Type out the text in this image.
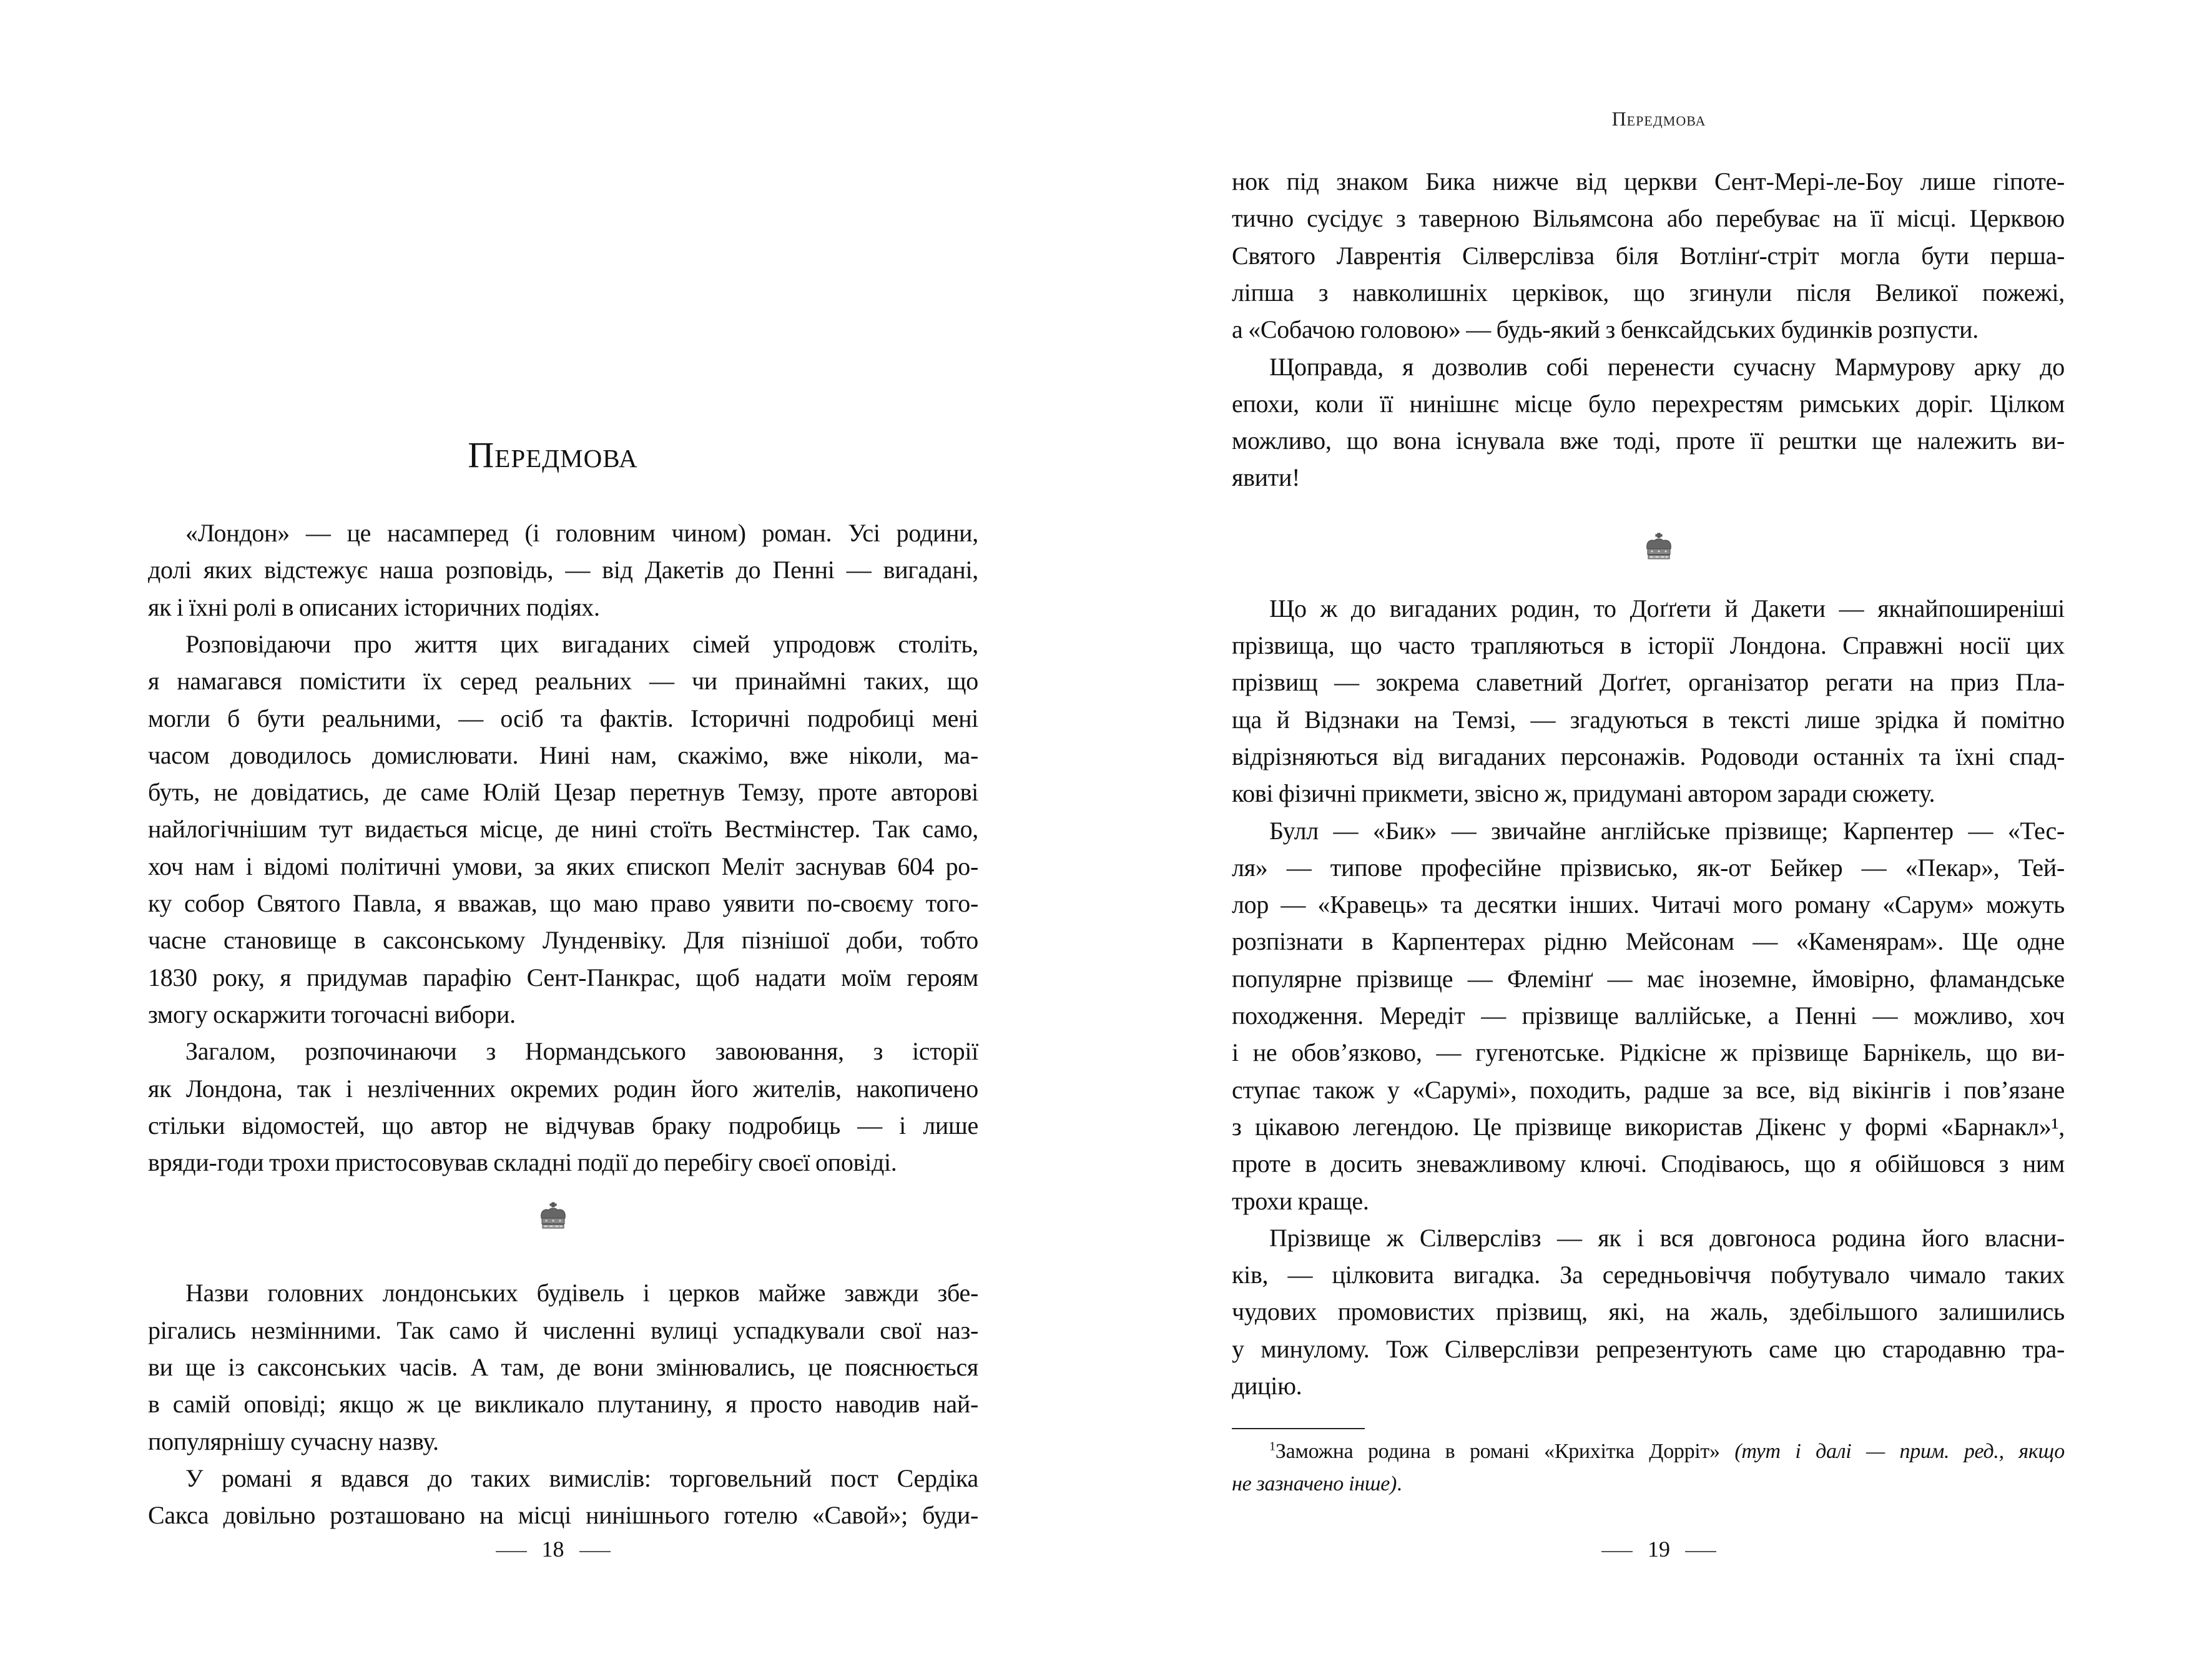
Передмова
«Лондон» — це насамперед (і головним чином) роман. Усі родини,
долі яких відстежує наша розповідь, — від Дакетів до Пенні — вигадані,
як і їхні ролі в описаних історичних подіях.
Розповідаючи про життя цих вигаданих сімей упродовж століть,
я намагався помістити їх серед реальних — чи принаймні таких, що
могли б бути реальними, — осіб та фактів. Історичні подробиці мені
часом доводилось домислювати. Нині нам, скажімо, вже ніколи, ма-
буть, не довідатись, де саме Юлій Цезар перетнув Темзу, проте авторові
найлогічнішим тут видається місце, де нині стоїть Вестмінстер. Так само,
хоч нам і відомі політичні умови, за яких єпископ Меліт заснував 604 ро-
ку собор Святого Павла, я вважав, що маю право уявити по-своєму того-
часне становище в саксонському Лунденвіку. Для пізнішої доби, тобто
1830 року, я придумав парафію Сент-Панкрас, щоб надати моїм героям
змогу оскаржити тогочасні вибори.
Загалом, розпочинаючи з Нормандського завоювання, з історії
як Лондона, так і незліченних окремих родин його жителів, накопичено
стільки відомостей, що автор не відчував браку подробиць — і лише
вряди-годи трохи пристосовував складні події до перебігу своєї оповіді.
Назви головних лондонських будівель і церков майже завжди збе-
рігались незмінними. Так само й численні вулиці успадкували свої наз-
ви ще із саксонських часів. А там, де вони змінювались, це пояснюється
в самій оповіді; якщо ж це викликало плутанину, я просто наводив най-
популярнішу сучасну назву.
У романі я вдався до таких вимислів: торговельний пост Сердіка
Сакса довільно розташовано на місці нинішнього готелю «Савой»; буди-
18
Передмова
нок під знаком Бика нижче від церкви Сент-Мері-ле-Боу лише гіпоте-
тично сусідує з таверною Вільямсона або перебуває на її місці. Церквою
Святого Лаврентія Сілверслівза біля Вотлінґ-стріт могла бути перша-
ліпша з навколишніх церківок, що згинули після Великої пожежі,
а «Собачою головою» — будь-який з бенксайдських будинків розпусти.
Щоправда, я дозволив собі перенести сучасну Мармурову арку до
епохи, коли її нинішнє місце було перехрестям римських доріг. Цілком
можливо, що вона існувала вже тоді, проте її рештки ще належить ви-
явити!
Що ж до вигаданих родин, то Доґґети й Дакети — якнайпоширеніші
прізвища, що часто трапляються в історії Лондона. Справжні носії цих
прізвищ — зокрема славетний Доґґет, організатор регати на приз Пла-
ща й Відзнаки на Темзі, — згадуються в тексті лише зрідка й помітно
відрізняються від вигаданих персонажів. Родоводи останніх та їхні спад-
кові фізичні прикмети, звісно ж, придумані автором заради сюжету.
Булл — «Бик» — звичайне англійське прізвище; Карпентер — «Тес-
ля» — типове професійне прізвисько, як-от Бейкер — «Пекар», Тей-
лор — «Кравець» та десятки інших. Читачі мого роману «Сарум» можуть
розпізнати в Карпентерах рідню Мейсонам — «Каменярам». Ще одне
популярне прізвище — Флемінґ — має іноземне, ймовірно, фламандське
походження. Мередіт — прізвище валлійське, а Пенні — можливо, хоч
і не обов’язково, — гугенотське. Рідкісне ж прізвище Барнікель, що ви-
ступає також у «Сарумі», походить, радше за все, від вікінгів і пов’язане
з цікавою легендою. Це прізвище використав Дікенс у формі «Барнакл»¹,
проте в досить зневажливому ключі. Сподіваюсь, що я обійшовся з ним
трохи краще.
Прізвище ж Сілверслівз — як і вся довгоноса родина його власни-
ків, — цілковита вигадка. За середньовіччя побутувало чимало таких
чудових промовистих прізвищ, які, на жаль, здебільшого залишились
у минулому. Тож Сілверслівзи репрезентують саме цю стародавню тра-
дицію.
$^1$Заможна родина в романі «Крихітка Дорріт» (тут і далі — прим. ред., якщо
не зазначено інше).
19
